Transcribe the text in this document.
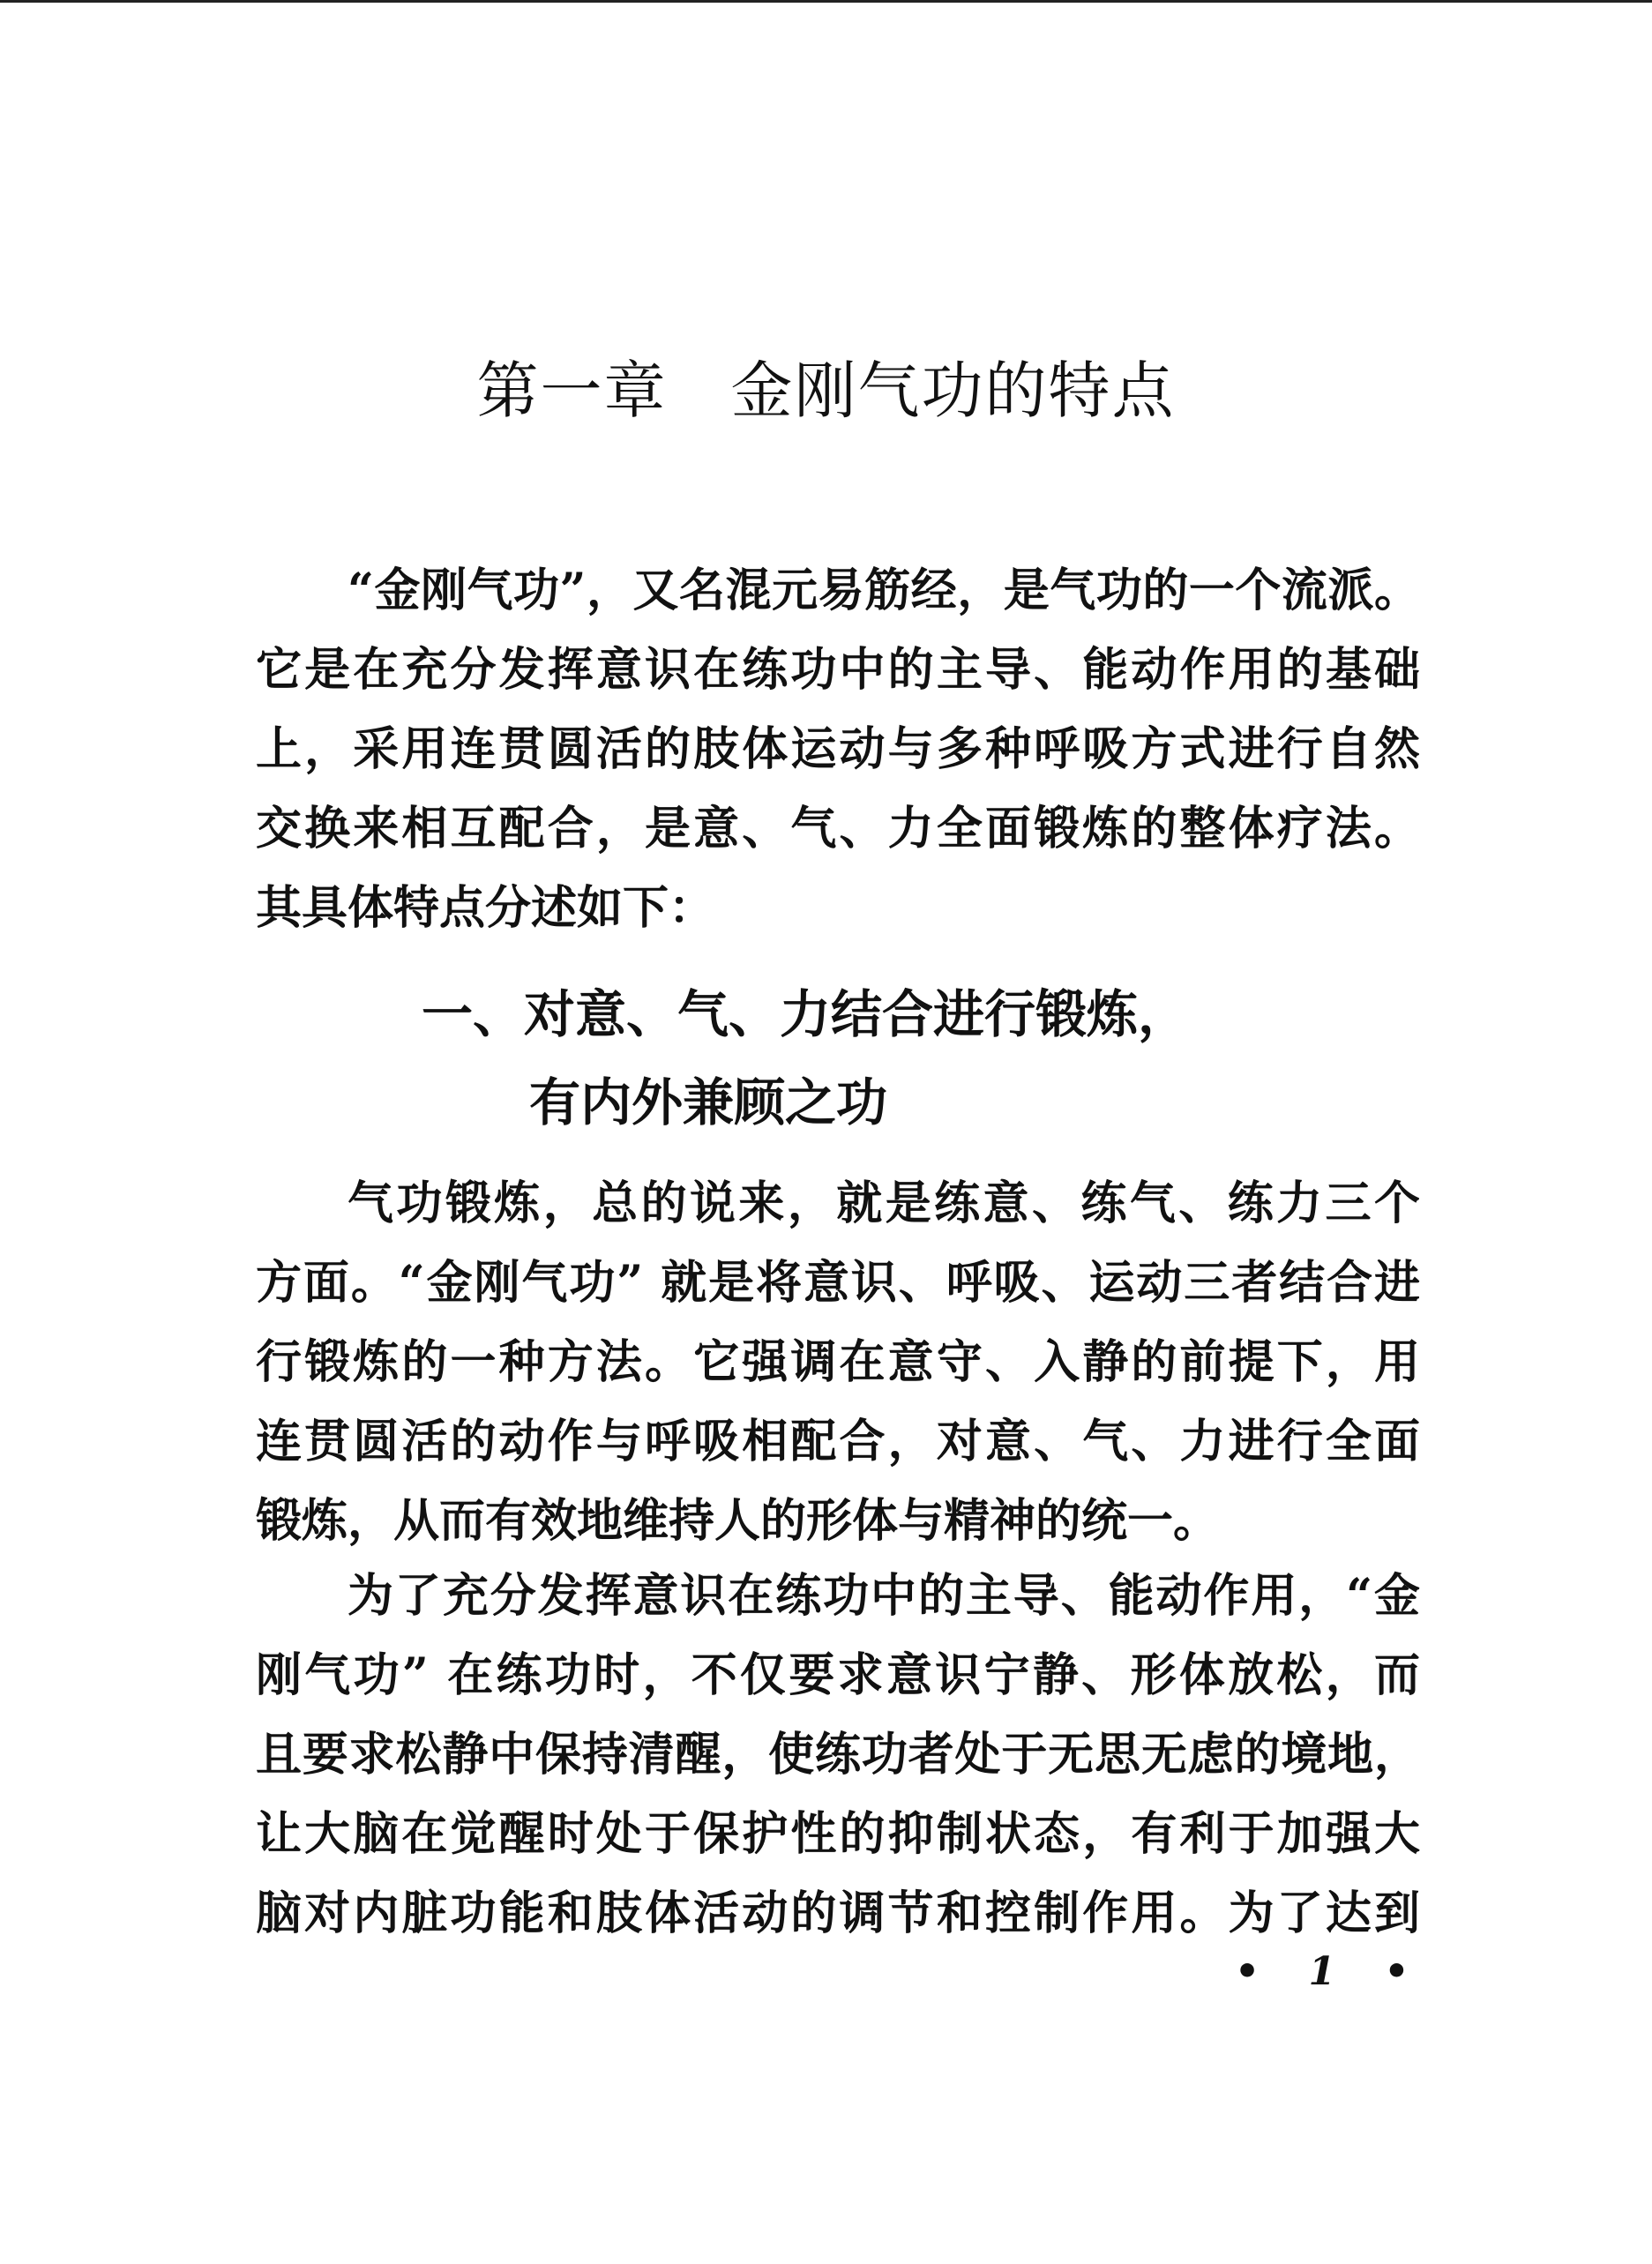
第一章　金刚气功的特点
“金刚气功”，又名混元易筋经，是气功的一个流派。
它是在充分发挥意识在练功中的主导、能动作用的基础
上，采用连贯圆活的肢体运动与多种呼吸方式进行自然
交换来相互配合，是意、气、力全面锻炼的整体疗法。
其具体特点分述如下：
一、对意、气、力结合进行锻炼，
有内外兼顾之功
气功锻炼，总的说来，就是练意、练气、练力三个
方面。“金刚气功” 就是将意识、呼吸、运动三者结合进
行锻炼的一种方法。它强调在意守、入静的前提下，用
连贯圆活的动作与呼吸相配合，对意、气、力进行全面
锻炼，从而有效地维持人的形体与精神的统一。
为了充分发挥意识在练功中的主导、能动作用，“金
刚气功” 在练功时，不仅要求意识宁静、形体放松，而
且要求松静中保持清醒，使练功者处于无思无虑的境地，
让大脑在觉醒时处于保护性的抑制状态，有利于加强大
脑对内脏功能和肢体活动的调节和控制作用。为了达到
• 1 •
